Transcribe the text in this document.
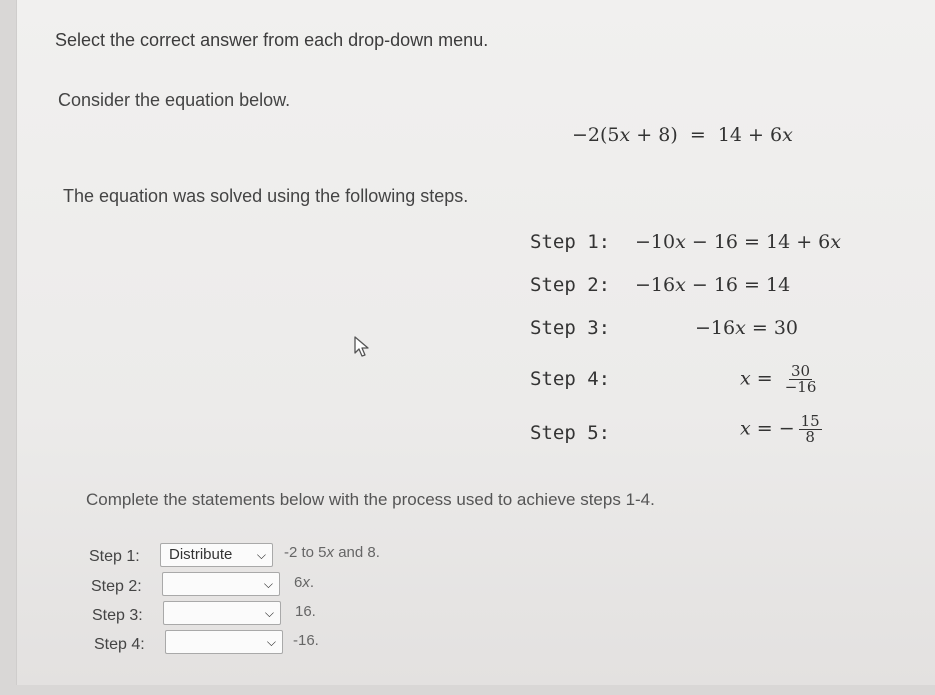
Select the correct answer from each drop-down menu.
Consider the equation below.
−2(5x + 8) = 14 + 6x
The equation was solved using the following steps.
Step 1: −10x − 16 = 14 + 6x
Step 2: −16x − 16 = 14
Step 3:	−16x = 30
Step 4:	$x = \frac{30}{-16}$
Step 5:	x = − $\frac{15}{8}$
Complete the statements below with the process used to achieve steps 1-4.
Step 1:	Distribute ⌵ -2 to 5x and 8.
Step 2:	⌵ 6x.
Step 3:	⌵ 16.
Step 4:	⌵ -16.
